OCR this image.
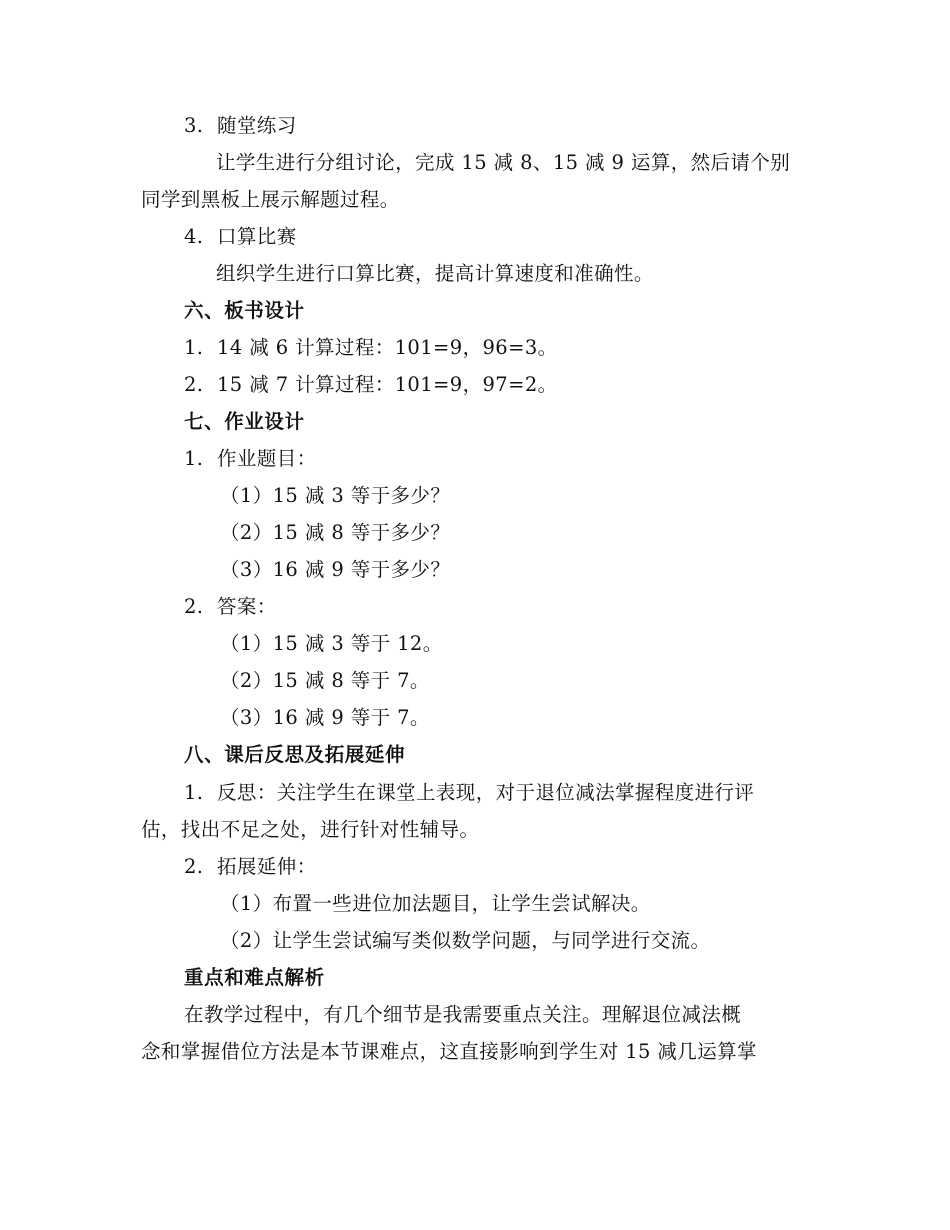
3. 随堂练习
让学生进行分组讨论，完成 15 减 8、15 减 9 运算，然后请个别
同学到黑板上展示解题过程。
4. 口算比赛
组织学生进行口算比赛，提高计算速度和准确性。
六、板书设计
1. 14 减 6 计算过程：101=9，96=3。
2. 15 减 7 计算过程：101=9，97=2。
七、作业设计
1. 作业题目：
（1）15 减 3 等于多少？
（2）15 减 8 等于多少？
（3）16 减 9 等于多少？
2. 答案：
（1）15 减 3 等于 12。
（2）15 减 8 等于 7。
（3）16 减 9 等于 7。
八、课后反思及拓展延伸
1. 反思：关注学生在课堂上表现，对于退位减法掌握程度进行评
估，找出不足之处，进行针对性辅导。
2. 拓展延伸：
（1）布置一些进位加法题目，让学生尝试解决。
（2）让学生尝试编写类似数学问题，与同学进行交流。
重点和难点解析
在教学过程中，有几个细节是我需要重点关注。理解退位减法概
念和掌握借位方法是本节课难点，这直接影响到学生对 15 减几运算掌
